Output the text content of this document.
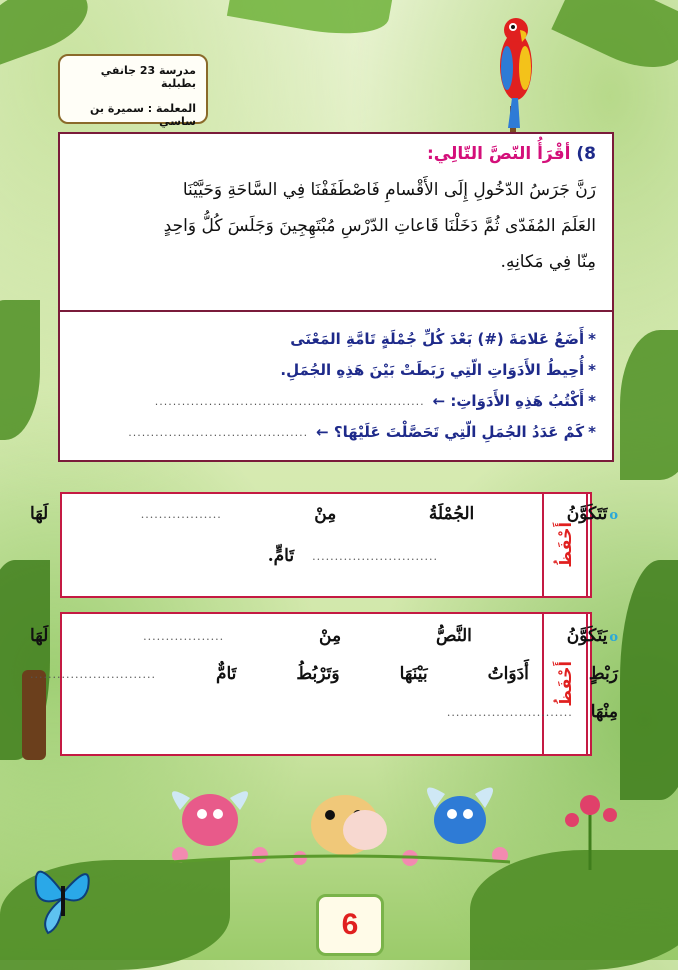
مدرسة 23 جانفي بطبلبة
المعلمة : سميرة بن ساسي
8) أقْرَأُ النّصَّ التّالِي:
رَنَّ جَرَسُ الدّخُولِ إِلَى الأَقْسامِ فَاصْطَفَفْنَا فِي السَّاحَةِ وَحَيَّيْنَا
العَلَمَ المُفَدّى ثُمَّ دَخَلْنَا قَاعاتِ الدّرْسِ مُبْتَهِجِينَ وَجَلَسَ كُلُّ وَاحِدٍ
مِنّا فِي مَكانِهِ.
*
أَضَعُ عَلامَةَ (#) بَعْدَ كُلِّ جُمْلَةٍ تَامَّةِ المَعْنَى
*
أُحِيطُ الأَدَوَاتِ الّتِي رَبَطَتْ بَيْنَ هَذِهِ الجُمَلِ.
*
أَكْتُبُ هَذِهِ الأَدَوَاتِ: ←
............................................................
*
كَمْ عَدَدُ الجُمَلِ الّتِي تَحَصَّلْتَ عَلَيْهَا؟ ←
........................................
أَحْفَظُ
oتَتَكَوَّنُ
الجُمْلَةُ
مِنْ
..................
لَهَا
............................
تَامٍّ.
أَحْفَظُ
oيَتَكَوَّنُ
النَّصُّ
مِنْ
..................
لَهَا
رَبْطٍ
أَدَوَاتُ
بَيْنَهَا
وَتَرْبُطُ
تَامٌّ
............................
مِنْهَا
............................
6
